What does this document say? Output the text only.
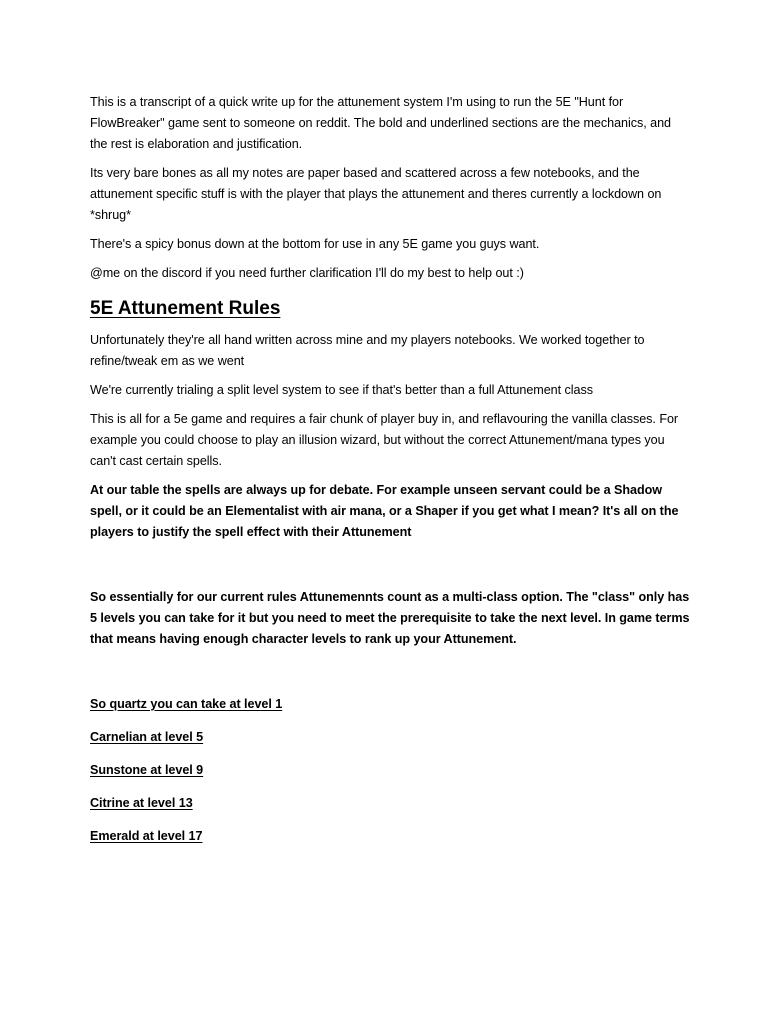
This is a transcript of a quick write up for the attunement system I'm using to run the 5E "Hunt for FlowBreaker" game sent to someone on reddit. The bold and underlined sections are the mechanics, and the rest is elaboration and justification.

Its very bare bones as all my notes are paper based and scattered across a few notebooks, and the attunement specific stuff is with the player that plays the attunement and theres currently a lockdown on *shrug*

There's a spicy bonus down at the bottom for use in any 5E game you guys want.

@me on the discord if you need further clarification I'll do my best to help out :)

5E Attunement Rules

Unfortunately they're all hand written across mine and my players notebooks. We worked together to refine/tweak em as we went

We're currently trialing a split level system to see if that's better than a full Attunement class

This is all for a 5e game and requires a fair chunk of player buy in, and reflavouring the vanilla classes. For example you could choose to play an illusion wizard, but without the correct Attunement/mana types you can't cast certain spells.

At our table the spells are always up for debate. For example unseen servant could be a Shadow spell, or it could be an Elementalist with air mana, or a Shaper if you get what I mean? It's all on the players to justify the spell effect with their Attunement

So essentially for our current rules Attunemennts count as a multi-class option. The "class" only has 5 levels you can take for it but you need to meet the prerequisite to take the next level. In game terms that means having enough character levels to rank up your Attunement.

So quartz you can take at level 1

Carnelian at level 5

Sunstone at level 9

Citrine at level 13

Emerald at level 17
